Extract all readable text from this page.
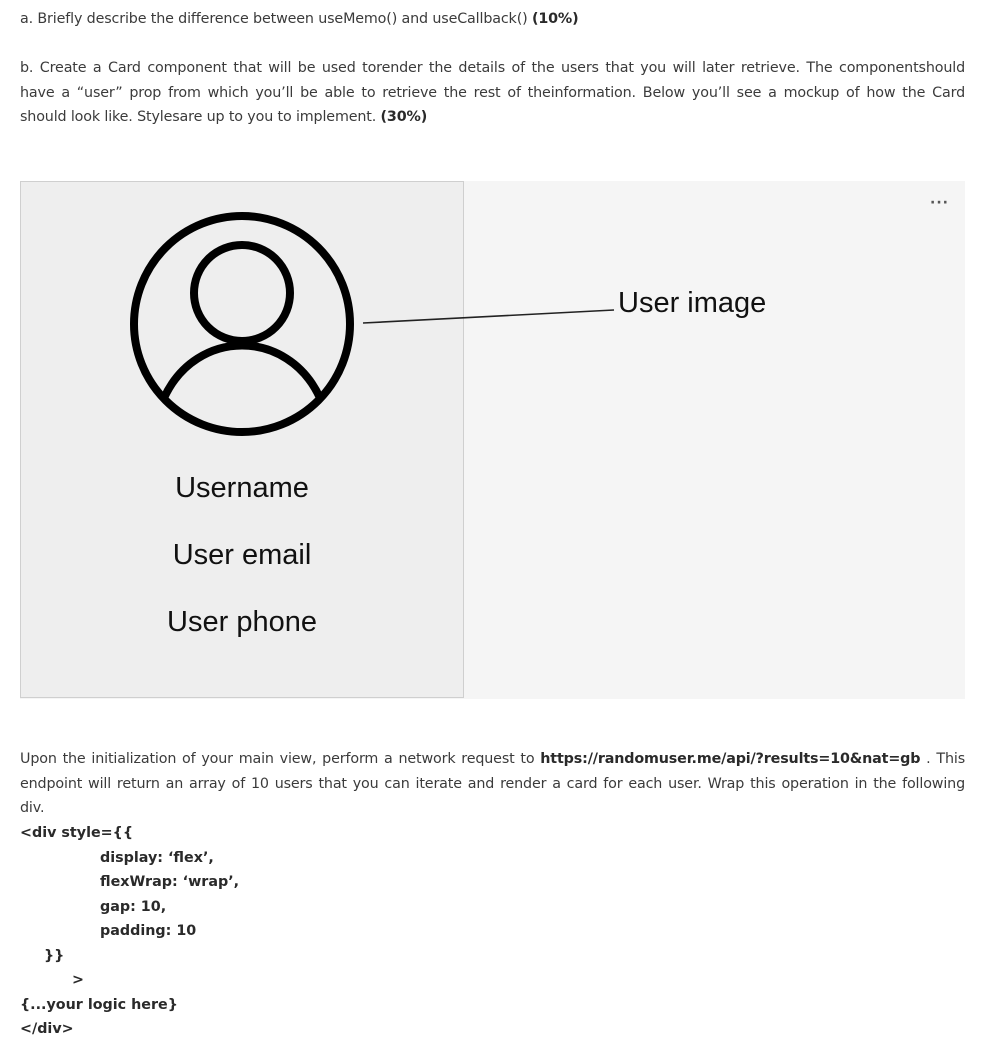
a. Briefly describe the difference between useMemo() and useCallback() (10%)

b. Create a Card component that will be used torender the details of the users that you will later retrieve. The componentshould
have a “user” prop from which you’ll be able to retrieve the rest of theinformation. Below you’ll see a mockup of how the Card
should look like. Stylesare up to you to implement. (30%)

···
Username
User email
User phone
User image

Upon the initialization of your main view, perform a network request to https://randomuser.me/api/?results=10&nat=gb . This
endpoint will return an array of 10 users that you can iterate and render a card for each user. Wrap this operation in the following
div.

<div style={{
display: ‘flex’,
flexWrap: ‘wrap’,
gap: 10,
padding: 10
}}
>
{...your logic here}
</div>
